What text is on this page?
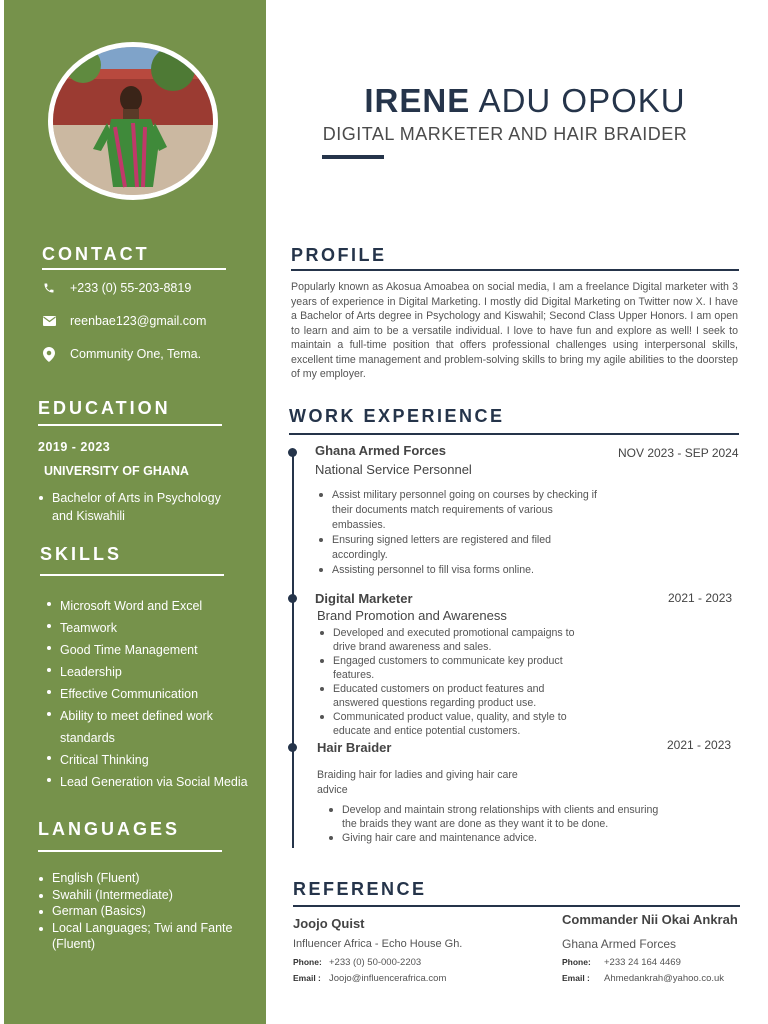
CONTACT
+233 (0) 55-203-8819
reenbae123@gmail.com
Community One, Tema.
EDUCATION
2019 - 2023
UNIVERSITY OF GHANA
Bachelor of Arts in Psychology
and Kiswahili
SKILLS
Microsoft Word and Excel
Teamwork
Good Time Management
Leadership
Effective Communication
Ability to meet defined work
standards
Critical Thinking
Lead Generation via Social Media
LANGUAGES
English (Fluent)
Swahili (Intermediate)
German (Basics)
Local Languages; Twi and Fante
(Fluent)
IRENE ADU OPOKU
DIGITAL MARKETER AND HAIR BRAIDER
PROFILE
Popularly known as Akosua Amoabea on social media, I am a freelance Digital marketer with 3 years of experience in Digital Marketing. I mostly did Digital Marketing on Twitter now X. I have a Bachelor of Arts degree in Psychology and Kiswahil; Second Class Upper Honors. I am open to learn and aim to be a versatile individual. I love to have fun and explore as well! I seek to maintain a full-time position that offers professional challenges using interpersonal skills, excellent time management and problem-solving skills to bring my agile abilities to the doorstep of my employer.
WORK EXPERIENCE
Ghana Armed Forces	NOV 2023 - SEP 2024
National Service Personnel
Assist military personnel going on courses by checking if
their documents match requirements of various
embassies.
Ensuring signed letters are registered and filed
accordingly.
Assisting personnel to fill visa forms online.
Digital Marketer	2021 - 2023
Brand Promotion and Awareness
Developed and executed promotional campaigns to
drive brand awareness and sales.
Engaged customers to communicate key product
features.
Educated customers on product features and
answered questions regarding product use.
Communicated product value, quality, and style to
educate and entice potential customers.
Hair Braider	2021 - 2023
Braiding hair for ladies and giving hair care
advice
Develop and maintain strong relationships with clients and ensuring
the braids they want are done as they want it to be done.
Giving hair care and maintenance advice.
REFERENCE
Joojo Quist
Influencer Africa - Echo House Gh.
Phone: +233 (0) 50-000-2203
Email : Joojo@influencerafrica.com
Commander Nii Okai Ankrah
Ghana Armed Forces
Phone:	+233 24 164 4469
Email :	Ahmedankrah@yahoo.co.uk
